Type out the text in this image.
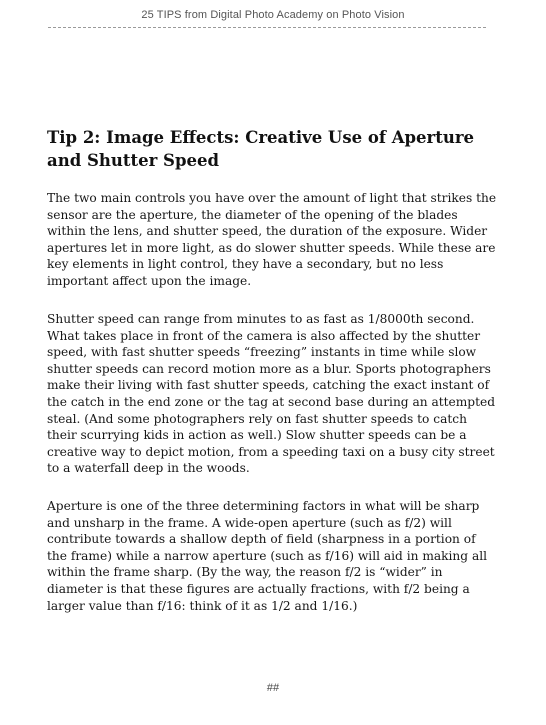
25 TIPS from Digital Photo Academy on Photo Vision
Tip 2: Image Effects: Creative Use of Aperture
and Shutter Speed

The two main controls you have over the amount of light that strikes the sensor are the aperture, the diameter of the opening of the blades within the lens, and shutter speed, the duration of the exposure. Wider apertures let in more light, as do slower shutter speeds. While these are key elements in light control, they have a secondary, but no less important affect upon the image.

Shutter speed can range from minutes to as fast as 1/8000th second. What takes place in front of the camera is also affected by the shutter speed, with fast shutter speeds “freezing” instants in time while slow shutter speeds can record motion more as a blur. Sports photographers make their living with fast shutter speeds, catching the exact instant of the catch in the end zone or the tag at second base during an attempted steal. (And some photographers rely on fast shutter speeds to catch their scurrying kids in action as well.) Slow shutter speeds can be a creative way to depict motion, from a speeding taxi on a busy city street to a waterfall deep in the woods.

Aperture is one of the three determining factors in what will be sharp and unsharp in the frame. A wide-open aperture (such as f/2) will contribute towards a shallow depth of field (sharpness in a portion of the frame) while a narrow aperture (such as f/16) will aid in making all within the frame sharp. (By the way, the reason f/2 is “wider” in diameter is that these figures are actually fractions, with f/2 being a larger value than f/16: think of it as 1/2 and 1/16.)

##
